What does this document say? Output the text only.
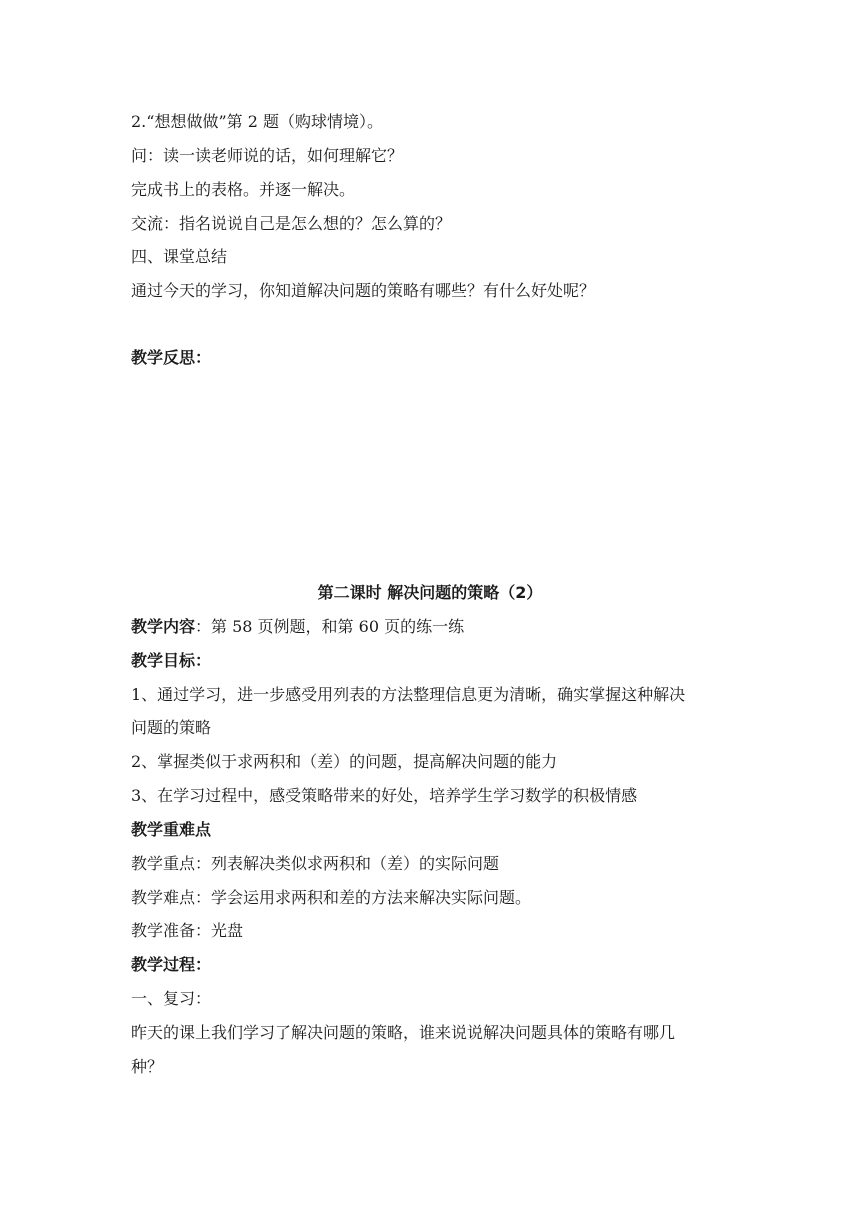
2.“想想做做”第 2 题（购球情境）。
问：读一读老师说的话，如何理解它？
完成书上的表格。并逐一解决。
交流：指名说说自己是怎么想的？怎么算的？
四、课堂总结
通过今天的学习，你知道解决问题的策略有哪些？有什么好处呢？
教学反思：
第二课时 解决问题的策略（2）
教学内容：第 58 页例题，和第 60 页的练一练
教学目标：
1、通过学习，进一步感受用列表的方法整理信息更为清晰，确实掌握这种解决
问题的策略
2、掌握类似于求两积和（差）的问题，提高解决问题的能力
3、在学习过程中，感受策略带来的好处，培养学生学习数学的积极情感
教学重难点
教学重点：列表解决类似求两积和（差）的实际问题
教学难点：学会运用求两积和差的方法来解决实际问题。
教学准备：光盘
教学过程：
一、复习：
昨天的课上我们学习了解决问题的策略，谁来说说解决问题具体的策略有哪几
种？
